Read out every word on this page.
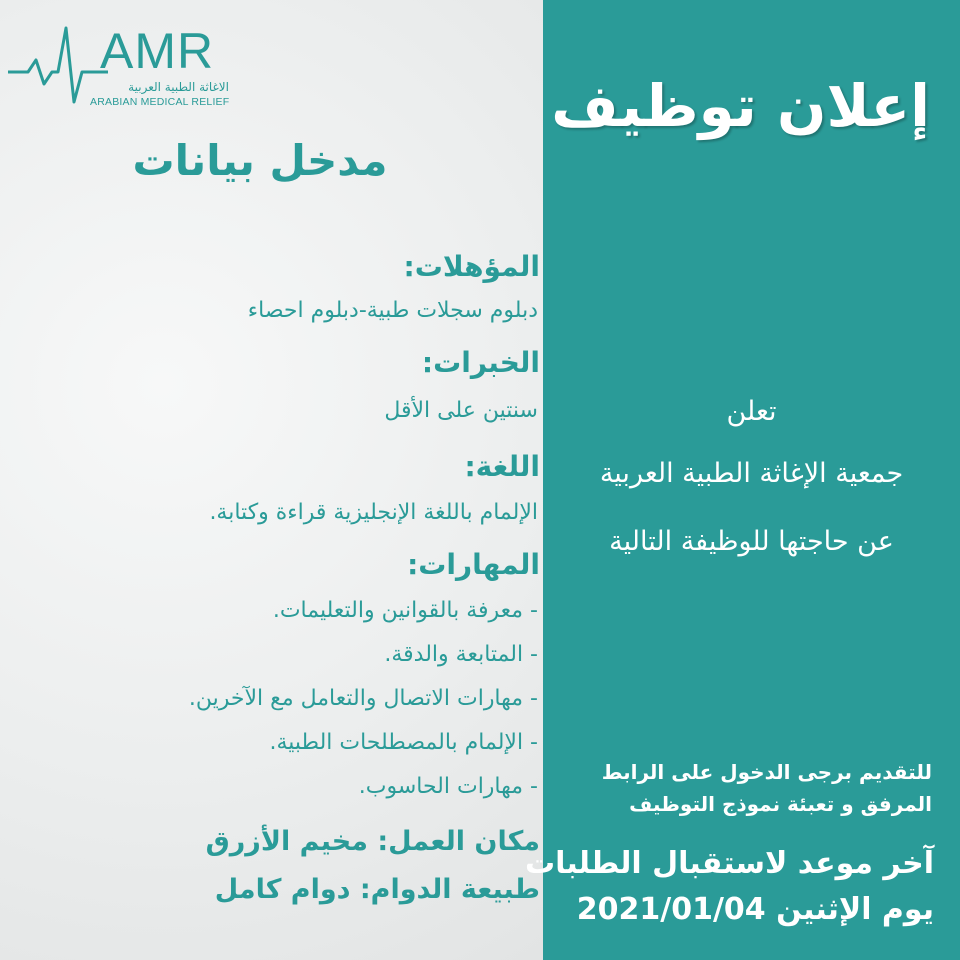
AMR
الاغاثة الطبية العربية
ARABIAN MEDICAL RELIEF
مدخل بيانات
المؤهلات:
دبلوم سجلات طبية-دبلوم احصاء
الخبرات:
سنتين على الأقل
اللغة:
الإلمام باللغة الإنجليزية قراءة وكتابة.
المهارات:
- معرفة بالقوانين والتعليمات.
- المتابعة والدقة.
- مهارات الاتصال والتعامل مع الآخرين.
- الإلمام بالمصطلحات الطبية.
- مهارات الحاسوب.
مكان العمل: مخيم الأزرق
طبيعة الدوام: دوام كامل
إعلان توظيف
تعلن
جمعية الإغاثة الطبية العربية
عن حاجتها للوظيفة التالية
للتقديم برجى الدخول على الرابط
المرفق و تعبئة نموذج التوظيف
آخر موعد لاستقبال الطلبات
يوم الإثنين 2021/01/04
